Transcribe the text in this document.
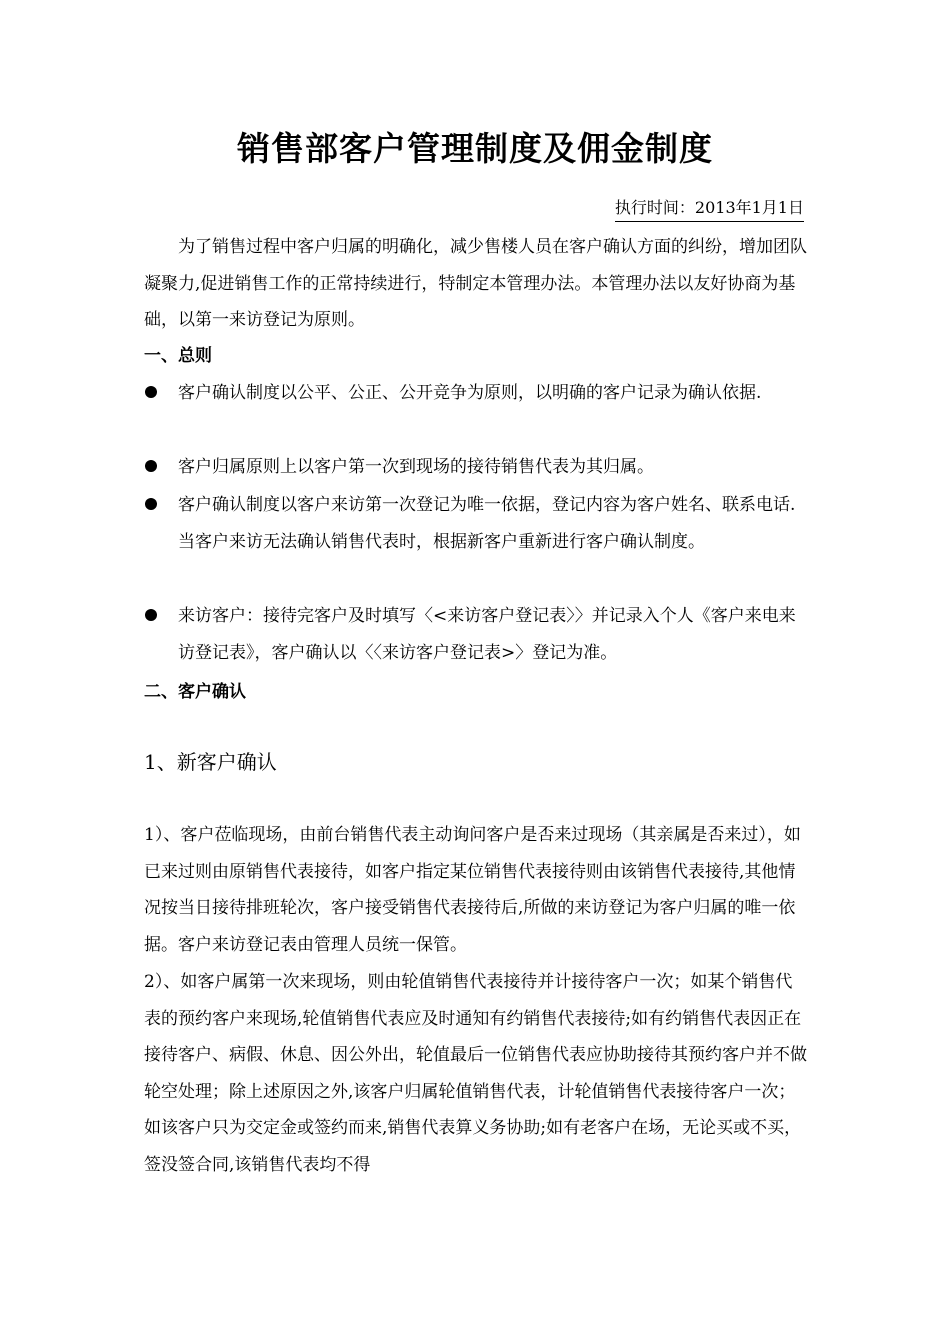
销售部客户管理制度及佣金制度
执行时间：2013年1月1日

为了销售过程中客户归属的明确化，减少售楼人员在客户确认方面的纠纷，增加团队凝聚力,促进销售工作的正常持续进行，特制定本管理办法。本管理办法以友好协商为基础，以第一来访登记为原则。

一、总则
客户确认制度以公平、公正、公开竞争为原则，以明确的客户记录为确认依据.
客户归属原则上以客户第一次到现场的接待销售代表为其归属。
客户确认制度以客户来访第一次登记为唯一依据，登记内容为客户姓名、联系电话.当客户来访无法确认销售代表时，根据新客户重新进行客户确认制度。
来访客户：接待完客户及时填写〈<来访客户登记表〉〉并记录入个人《客户来电来访登记表》，客户确认以〈〈来访客户登记表>〉登记为准。
二、客户确认
1、新客户确认

1）、客户莅临现场，由前台销售代表主动询问客户是否来过现场（其亲属是否来过），如已来过则由原销售代表接待，如客户指定某位销售代表接待则由该销售代表接待,其他情况按当日接待排班轮次，客户接受销售代表接待后,所做的来访登记为客户归属的唯一依据。客户来访登记表由管理人员统一保管。

2）、如客户属第一次来现场，则由轮值销售代表接待并计接待客户一次；如某个销售代表的预约客户来现场,轮值销售代表应及时通知有约销售代表接待;如有约销售代表因正在接待客户、病假、休息、因公外出，轮值最后一位销售代表应协助接待其预约客户并不做轮空处理；除上述原因之外,该客户归属轮值销售代表，计轮值销售代表接待客户一次；如该客户只为交定金或签约而来,销售代表算义务协助;如有老客户在场，无论买或不买，签没签合同,该销售代表均不得
